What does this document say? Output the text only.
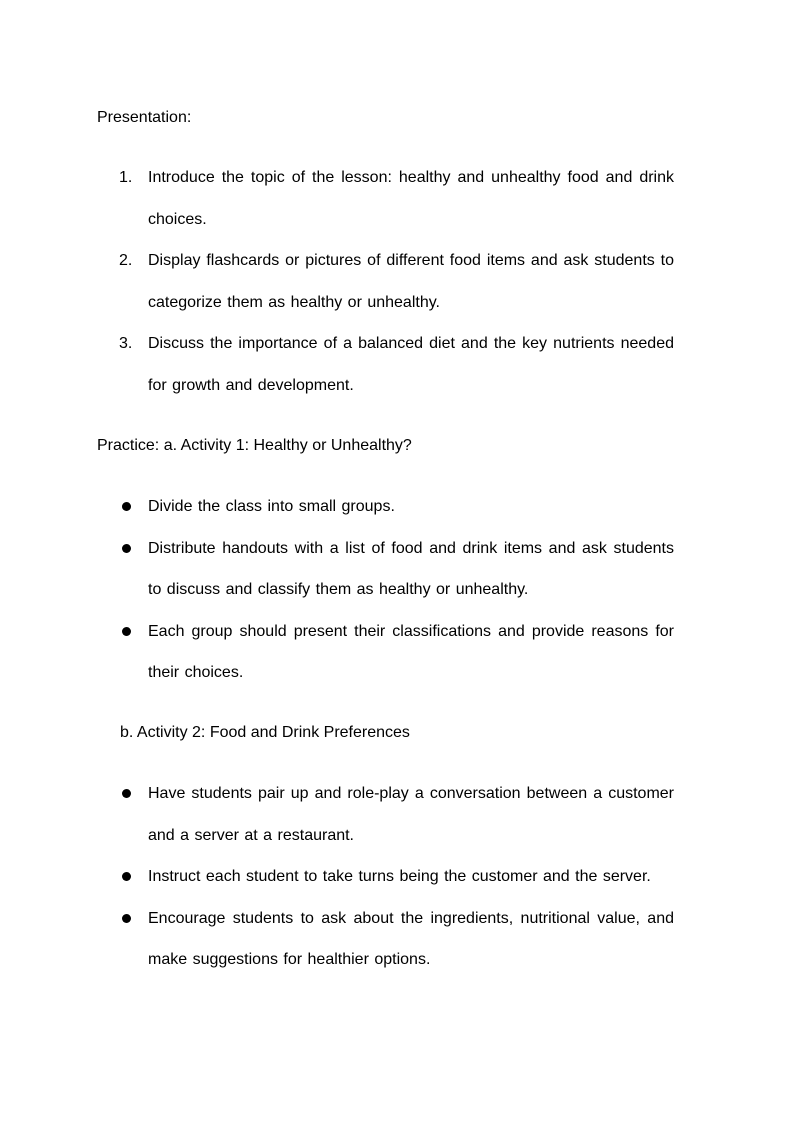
Presentation:

1. Introduce the topic of the lesson: healthy and unhealthy food and drink choices.
2. Display flashcards or pictures of different food items and ask students to categorize them as healthy or unhealthy.
3. Discuss the importance of a balanced diet and the key nutrients needed for growth and development.

Practice: a. Activity 1: Healthy or Unhealthy?

Divide the class into small groups.
Distribute handouts with a list of food and drink items and ask students to discuss and classify them as healthy or unhealthy.
Each group should present their classifications and provide reasons for their choices.

b. Activity 2: Food and Drink Preferences

Have students pair up and role-play a conversation between a customer and a server at a restaurant.
Instruct each student to take turns being the customer and the server.
Encourage students to ask about the ingredients, nutritional value, and make suggestions for healthier options.
